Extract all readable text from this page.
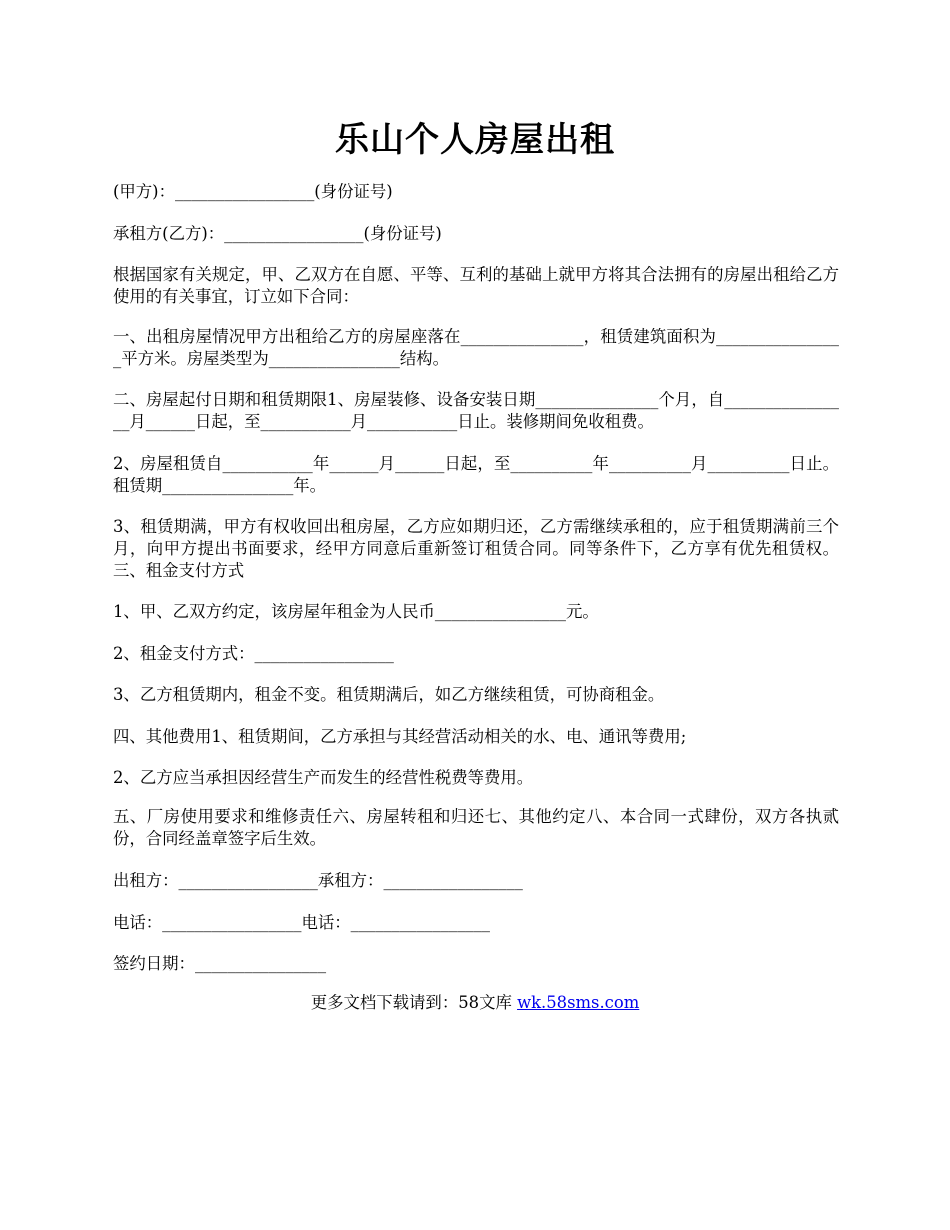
乐山个人房屋出租

(甲方)：_________________(身份证号)

承租方(乙方)：_________________(身份证号)

根据国家有关规定，甲、乙双方在自愿、平等、互利的基础上就甲方将其合法拥有的房屋出租给乙方使用的有关事宜，订立如下合同：

一、出租房屋情况甲方出租给乙方的房屋座落在_______________，租赁建筑面积为________________平方米。房屋类型为________________结构。

二、房屋起付日期和租赁期限1、房屋装修、设备安装日期_______________个月，自________________月______日起，至___________月___________日止。装修期间免收租费。

2、房屋租赁自___________年______月______日起，至__________年__________月__________日止。租赁期________________年。

3、租赁期满，甲方有权收回出租房屋，乙方应如期归还，乙方需继续承租的，应于租赁期满前三个月，向甲方提出书面要求，经甲方同意后重新签订租赁合同。同等条件下，乙方享有优先租赁权。三、租金支付方式

1、甲、乙双方约定，该房屋年租金为人民币________________元。

2、租金支付方式：_________________

3、乙方租赁期内，租金不变。租赁期满后，如乙方继续租赁，可协商租金。

四、其他费用1、租赁期间，乙方承担与其经营活动相关的水、电、通讯等费用;

2、乙方应当承担因经营生产而发生的经营性税费等费用。

五、厂房使用要求和维修责任六、房屋转租和归还七、其他约定八、本合同一式肆份，双方各执贰份，合同经盖章签字后生效。

出租方：_________________承租方：_________________

电话：_________________电话：_________________

签约日期：________________

更多文档下载请到：58文库 wk.58sms.com
